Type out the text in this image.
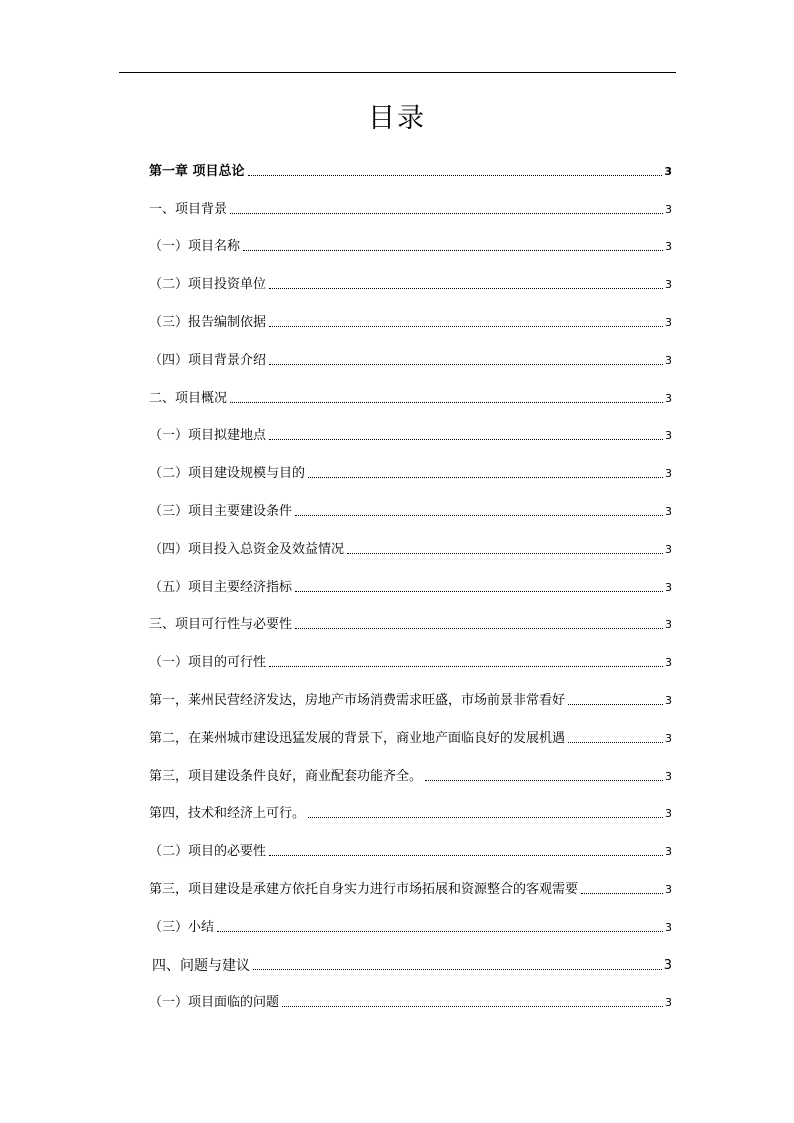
目录
第一章 项目总论	3
一、项目背景	3
（一）项目名称	3
（二）项目投资单位	3
（三）报告编制依据	3
（四）项目背景介绍	3
二、项目概况	3
（一）项目拟建地点	3
（二）项目建设规模与目的	3
（三）项目主要建设条件	3
（四）项目投入总资金及效益情况	3
（五）项目主要经济指标	3
三、项目可行性与必要性	3
（一）项目的可行性	3
第一，莱州民营经济发达，房地产市场消费需求旺盛，市场前景非常看好	3
第二，在莱州城市建设迅猛发展的背景下，商业地产面临良好的发展机遇	3
第三，项目建设条件良好，商业配套功能齐全。	3
第四，技术和经济上可行。	3
（二）项目的必要性	3
第三，项目建设是承建方依托自身实力进行市场拓展和资源整合的客观需要	3
（三）小结	3
四、问题与建议	3
（一）项目面临的问题	3
